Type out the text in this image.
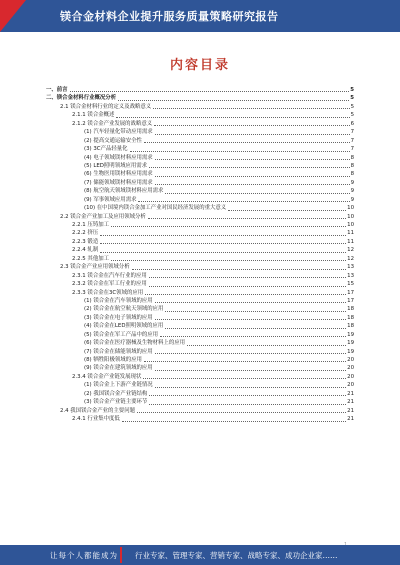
镁合金材料企业提升服务质量策略研究报告
内容目录
一、前言	5
二、镁合金材料行业概况分析	5
2.1 镁合金材料行业的定义及战略意义	5
2.1.1 镁合金概述	5
2.1.2 镁合金产业发展的战略意义	6
(1) 汽车轻量化带动应用需求	7
(2) 提高交通运输安全性	7
(3) 3C产品轻量化	7
(4) 电子领域镁材料应用需求	8
(5) LED照明领域应用需求	8
(6) 生物医用镁材料应用需求	8
(7) 储能领域镁材料应用需求	9
(8) 航空航天领域镁材料应用需求	9
(9) 军事领域应用需求	9
(10) 在中国境内镁合金加工产业对国民经济发展的重大意义	10
2.2 镁合金产业加工及应用领域分析	10
2.2.1 压铸加工	10
2.2.2 挤压	11
2.2.3 锻造	11
2.2.4 轧制	12
2.2.5 其他加工	12
2.3 镁合金产业应用领域分析	13
2.3.1 镁合金在汽车行业的应用	13
2.3.2 镁合金在军工行业的应用	15
2.3.3 镁合金在3C领域的应用	17
(1) 镁合金在汽车领域的应用	17
(2) 镁合金在航空航天领域的应用	18
(3) 镁合金在电子领域的应用	18
(4) 镁合金在LED照明领域的应用	18
(5) 镁合金在军工产品中的应用	19
(6) 镁合金在医疗器械及生物材料上的应用	19
(7) 镁合金在储能领域的应用	19
(8) 牺牲阳极领域的应用	20
(9) 镁合金在建筑领域的应用	20
2.3.4 镁合金产业链发展现状	20
(1) 镁合金上下游产业链情况	20
(2) 我国镁合金产业链结构	21
(3) 镁合金产业链主要环节	21
2.4 我国镁合金产业的主要问题	21
2.4.1 行业集中度低	21
让每个人都能成为 行业专家、管理专家、营销专家、战略专家、成功企业家……
